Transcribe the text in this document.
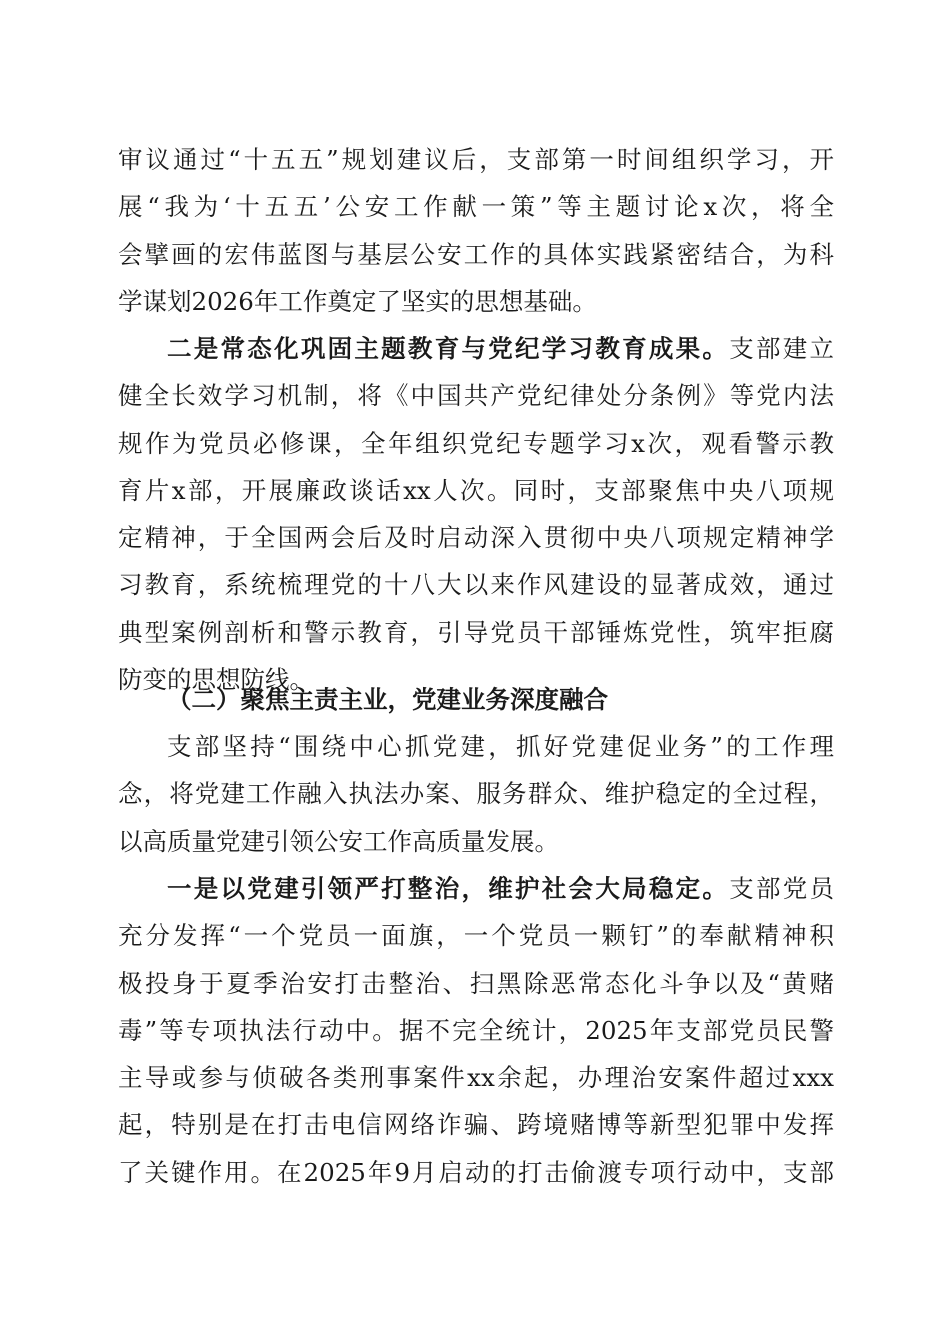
审议通过“十五五”规划建议后，支部第一时间组织学习，开
展“我为‘十五五’公安工作献一策”等主题讨论x次，将全
会擘画的宏伟蓝图与基层公安工作的具体实践紧密结合，为科
学谋划2026年工作奠定了坚实的思想基础。
二是常态化巩固主题教育与党纪学习教育成果。支部建立
健全长效学习机制，将《中国共产党纪律处分条例》等党内法
规作为党员必修课，全年组织党纪专题学习x次，观看警示教
育片x部，开展廉政谈话xx人次。同时，支部聚焦中央八项规
定精神，于全国两会后及时启动深入贯彻中央八项规定精神学
习教育，系统梳理党的十八大以来作风建设的显著成效，通过
典型案例剖析和警示教育，引导党员干部锤炼党性，筑牢拒腐
防变的思想防线。
（二）聚焦主责主业，党建业务深度融合
支部坚持“围绕中心抓党建，抓好党建促业务”的工作理
念，将党建工作融入执法办案、服务群众、维护稳定的全过程，
以高质量党建引领公安工作高质量发展。
一是以党建引领严打整治，维护社会大局稳定。支部党员
充分发挥“一个党员一面旗，一个党员一颗钉”的奉献精神积
极投身于夏季治安打击整治、扫黑除恶常态化斗争以及“黄赌
毒”等专项执法行动中。据不完全统计，2025年支部党员民警
主导或参与侦破各类刑事案件xx余起，办理治安案件超过xxx
起，特别是在打击电信网络诈骗、跨境赌博等新型犯罪中发挥
了关键作用。在2025年9月启动的打击偷渡专项行动中，支部
